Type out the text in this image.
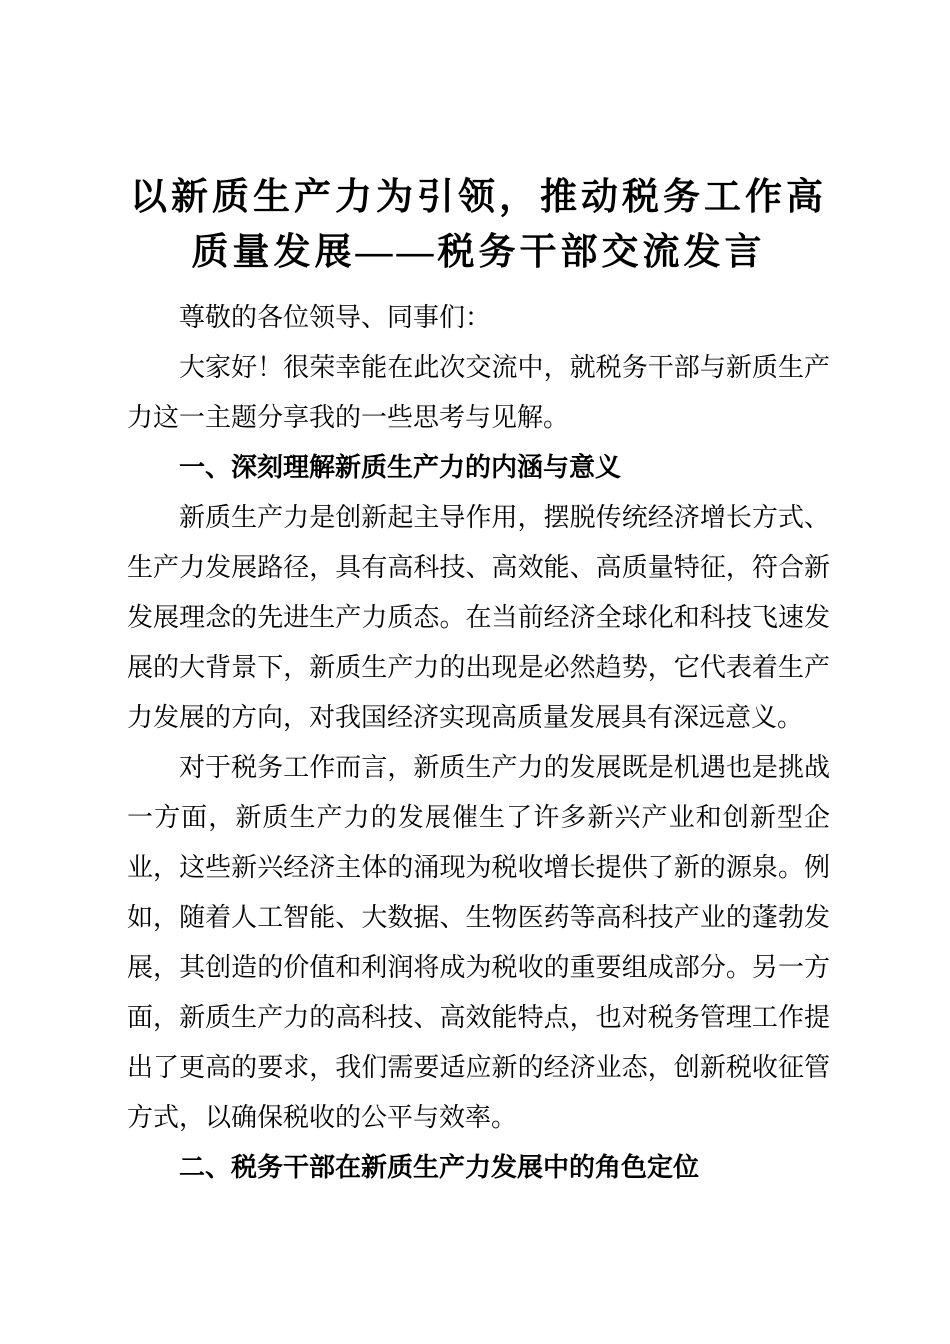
以新质生产力为引领，推动税务工作高质量发展——税务干部交流发言

尊敬的各位领导、同事们：

大家好！很荣幸能在此次交流中，就税务干部与新质生产力这一主题分享我的一些思考与见解。

一、深刻理解新质生产力的内涵与意义

新质生产力是创新起主导作用，摆脱传统经济增长方式、生产力发展路径，具有高科技、高效能、高质量特征，符合新发展理念的先进生产力质态。在当前经济全球化和科技飞速发展的大背景下，新质生产力的出现是必然趋势，它代表着生产力发展的方向，对我国经济实现高质量发展具有深远意义。

对于税务工作而言，新质生产力的发展既是机遇也是挑战一方面，新质生产力的发展催生了许多新兴产业和创新型企业，这些新兴经济主体的涌现为税收增长提供了新的源泉。例如，随着人工智能、大数据、生物医药等高科技产业的蓬勃发展，其创造的价值和利润将成为税收的重要组成部分。另一方面，新质生产力的高科技、高效能特点，也对税务管理工作提出了更高的要求，我们需要适应新的经济业态，创新税收征管方式，以确保税收的公平与效率。

二、税务干部在新质生产力发展中的角色定位
